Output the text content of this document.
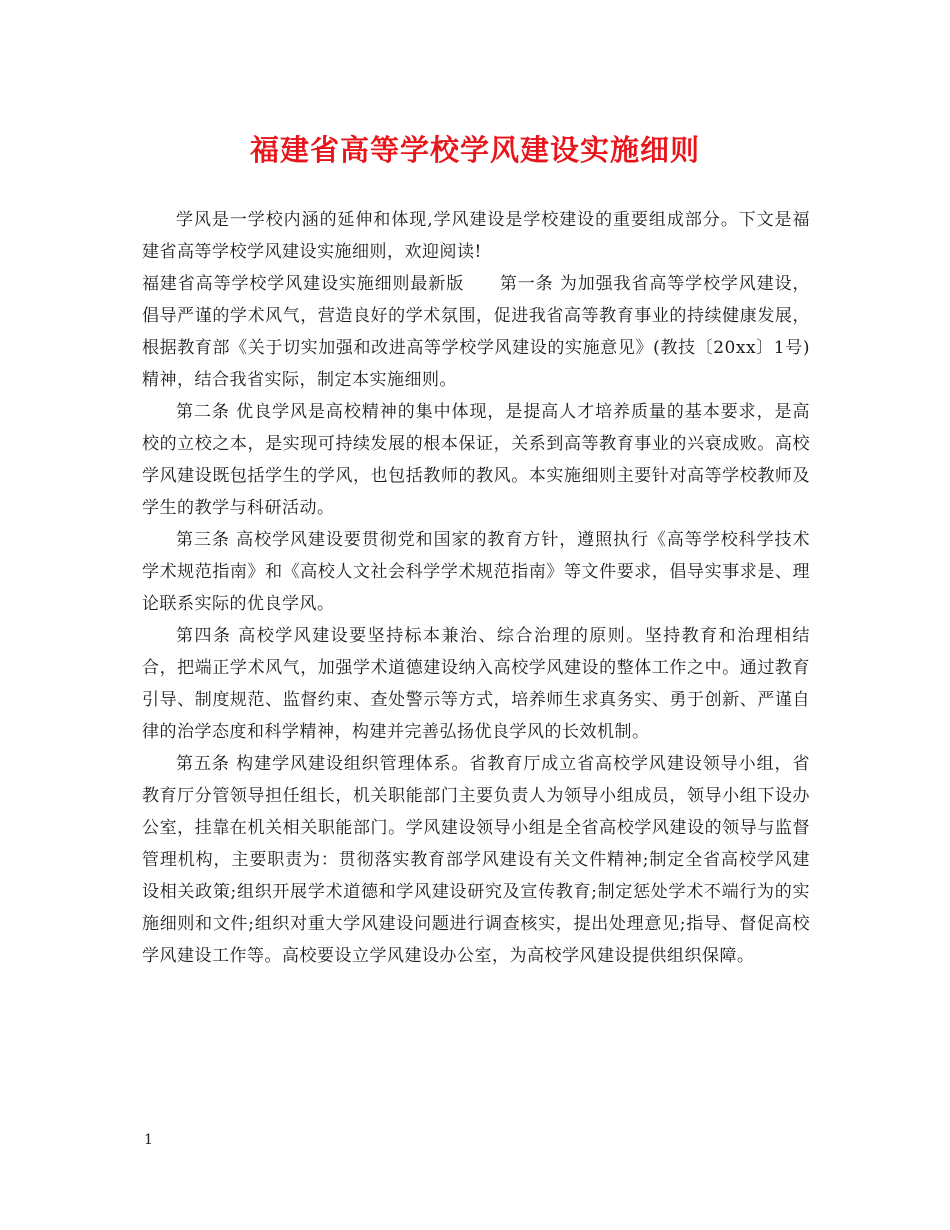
福建省高等学校学风建设实施细则

学风是一学校内涵的延伸和体现,学风建设是学校建设的重要组成部分。下文是福建省高等学校学风建设实施细则，欢迎阅读!

福建省高等学校学风建设实施细则最新版　　第一条 为加强我省高等学校学风建设，倡导严谨的学术风气，营造良好的学术氛围，促进我省高等教育事业的持续健康发展，根据教育部《关于切实加强和改进高等学校学风建设的实施意见》(教技〔20xx〕1号)精神，结合我省实际，制定本实施细则。

第二条 优良学风是高校精神的集中体现，是提高人才培养质量的基本要求，是高校的立校之本，是实现可持续发展的根本保证，关系到高等教育事业的兴衰成败。高校学风建设既包括学生的学风，也包括教师的教风。本实施细则主要针对高等学校教师及学生的教学与科研活动。

第三条 高校学风建设要贯彻党和国家的教育方针，遵照执行《高等学校科学技术学术规范指南》和《高校人文社会科学学术规范指南》等文件要求，倡导实事求是、理论联系实际的优良学风。

第四条 高校学风建设要坚持标本兼治、综合治理的原则。坚持教育和治理相结合，把端正学术风气，加强学术道德建设纳入高校学风建设的整体工作之中。通过教育引导、制度规范、监督约束、查处警示等方式，培养师生求真务实、勇于创新、严谨自律的治学态度和科学精神，构建并完善弘扬优良学风的长效机制。

第五条 构建学风建设组织管理体系。省教育厅成立省高校学风建设领导小组，省教育厅分管领导担任组长，机关职能部门主要负责人为领导小组成员，领导小组下设办公室，挂靠在机关相关职能部门。学风建设领导小组是全省高校学风建设的领导与监督管理机构，主要职责为：贯彻落实教育部学风建设有关文件精神;制定全省高校学风建设相关政策;组织开展学术道德和学风建设研究及宣传教育;制定惩处学术不端行为的实施细则和文件;组织对重大学风建设问题进行调查核实，提出处理意见;指导、督促高校学风建设工作等。高校要设立学风建设办公室，为高校学风建设提供组织保障。

1
